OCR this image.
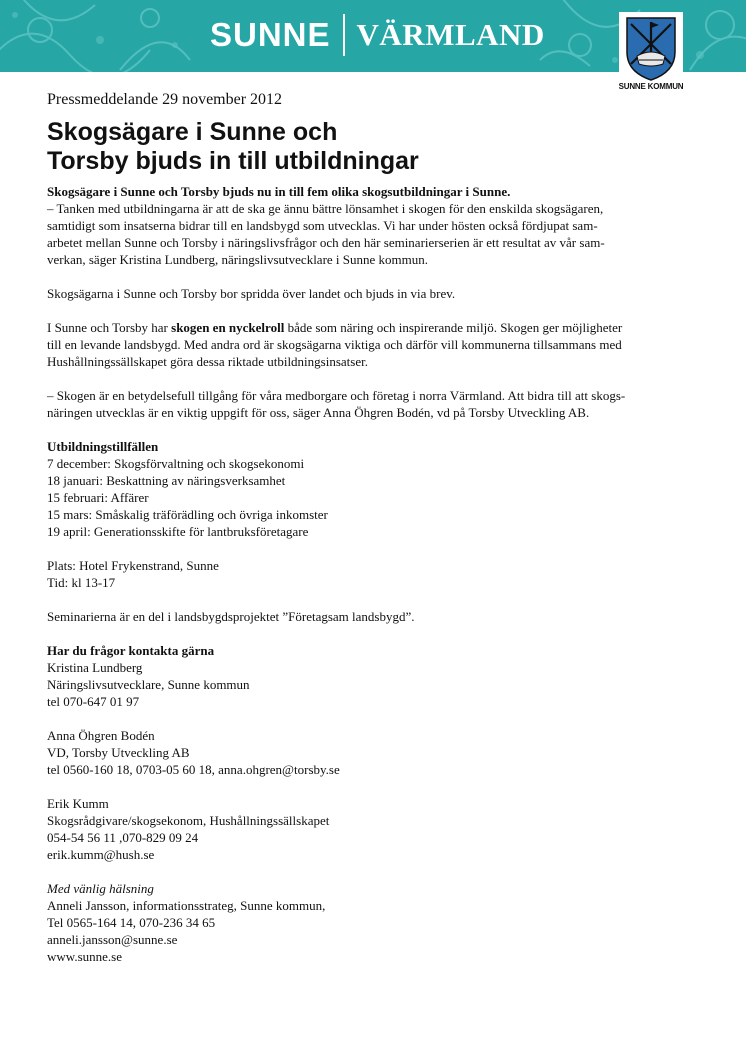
SUNNE VÄRMLAND
SUNNE KOMMUN

Pressmeddelande 29 november 2012

Skogsägare i Sunne och
Torsby bjuds in till utbildningar

Skogsägare i Sunne och Torsby bjuds nu in till fem olika skogsutbildningar i Sunne.

– Tanken med utbildningarna är att de ska ge ännu bättre lönsamhet i skogen för den enskilda skogsägaren,

samtidigt som insatserna bidrar till en landsbygd som utvecklas. Vi har under hösten också fördjupat sam-

arbetet mellan Sunne och Torsby i näringslivsfrågor och den här seminarierserien är ett resultat av vår sam-

verkan, säger Kristina Lundberg, näringslivsutvecklare i Sunne kommun.

Skogsägarna i Sunne och Torsby bor spridda över landet och bjuds in via brev.

I Sunne och Torsby har skogen en nyckelroll både som näring och inspirerande miljö. Skogen ger möjligheter

till en levande landsbygd. Med andra ord är skogsägarna viktiga och därför vill kommunerna tillsammans med

Hushållningssällskapet göra dessa riktade utbildningsinsatser.

– Skogen är en betydelsefull tillgång för våra medborgare och företag i norra Värmland. Att bidra till att skogs-

näringen utvecklas är en viktig uppgift för oss, säger Anna Öhgren Bodén, vd på Torsby Utveckling AB.

Utbildningstillfällen

7 december: Skogsförvaltning och skogsekonomi

18 januari: Beskattning av näringsverksamhet

15 februari: Affärer

15 mars: Småskalig träförädling och övriga inkomster

19 april: Generationsskifte för lantbruksföretagare

Plats: Hotel Frykenstrand, Sunne

Tid: kl 13-17

Seminarierna är en del i landsbygdsprojektet ”Företagsam landsbygd”.

Har du frågor kontakta gärna

Kristina Lundberg

Näringslivsutvecklare, Sunne kommun

tel 070-647 01 97

Anna Öhgren Bodén

VD, Torsby Utveckling AB

tel 0560-160 18, 0703-05 60 18, anna.ohgren@torsby.se

Erik Kumm

Skogsrådgivare/skogsekonom, Hushållningssällskapet

054-54 56 11 ,070-829 09 24

erik.kumm@hush.se

Med vänlig hälsning

Anneli Jansson, informationsstrateg, Sunne kommun,

Tel 0565-164 14, 070-236 34 65

anneli.jansson@sunne.se

www.sunne.se
